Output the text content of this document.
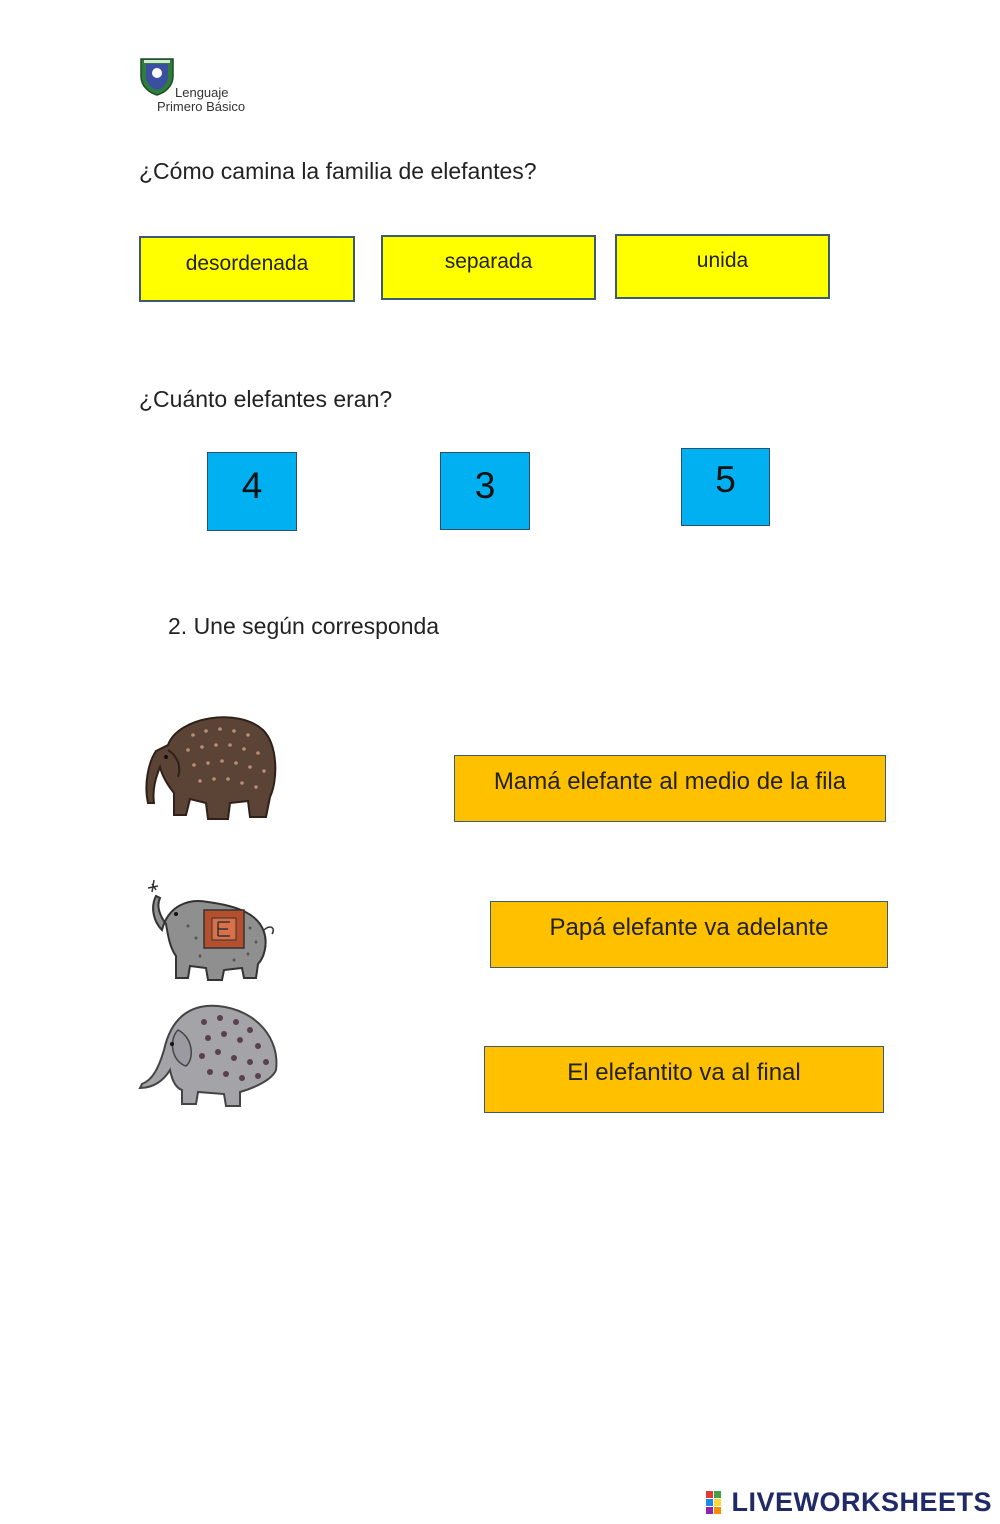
Lenguaje
Primero Básico
¿Cómo camina la familia de elefantes?
desordenada	separada	unida
¿Cuánto elefantes eran?
4	3	5
2. Une según corresponda
Mamá elefante al medio de la fila
Papá elefante va adelante
El elefantito va al final
LIVEWORKSHEETS
